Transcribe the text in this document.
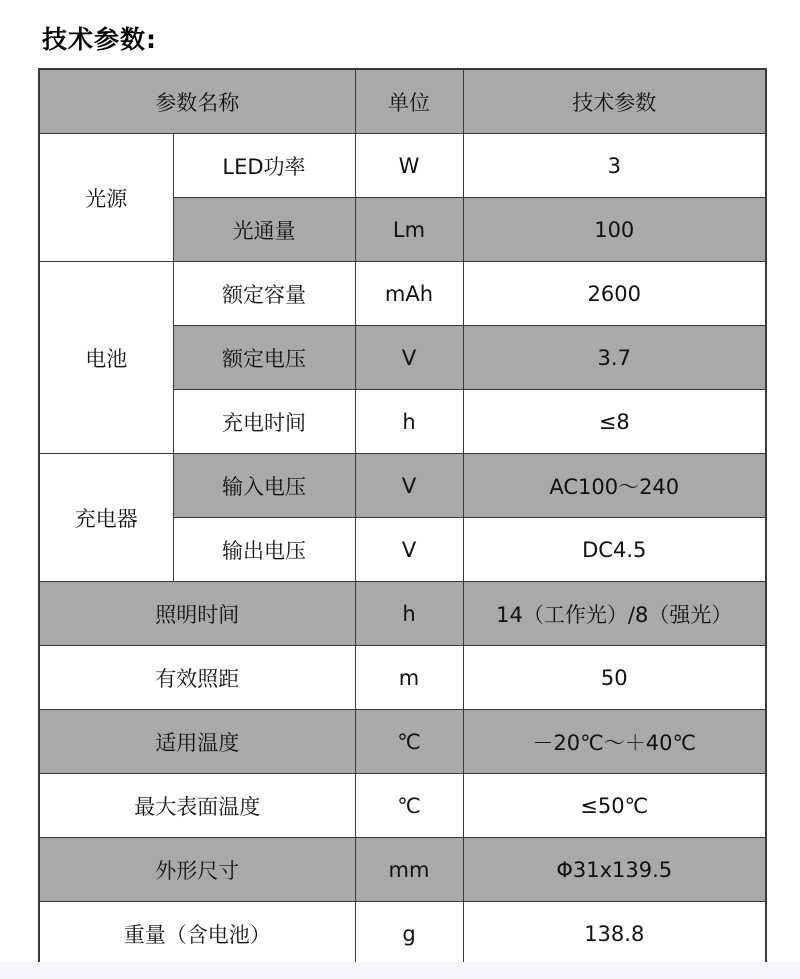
技术参数:
参数名称		单位	技术参数
光源	LED功率	W	3
	光通量	Lm	100
电池	额定容量	mAh	2600
	额定电压	V	3.7
	充电时间	h	≤8
充电器	输入电压	V	AC100～240
	输出电压	V	DC4.5
照明时间		h	14（工作光）/8（强光）
有效照距		m	50
适用温度		℃	－20℃～＋40℃
最大表面温度		℃	≤50℃
外形尺寸		mm	Φ31x139.5
重量（含电池）		g	138.8
